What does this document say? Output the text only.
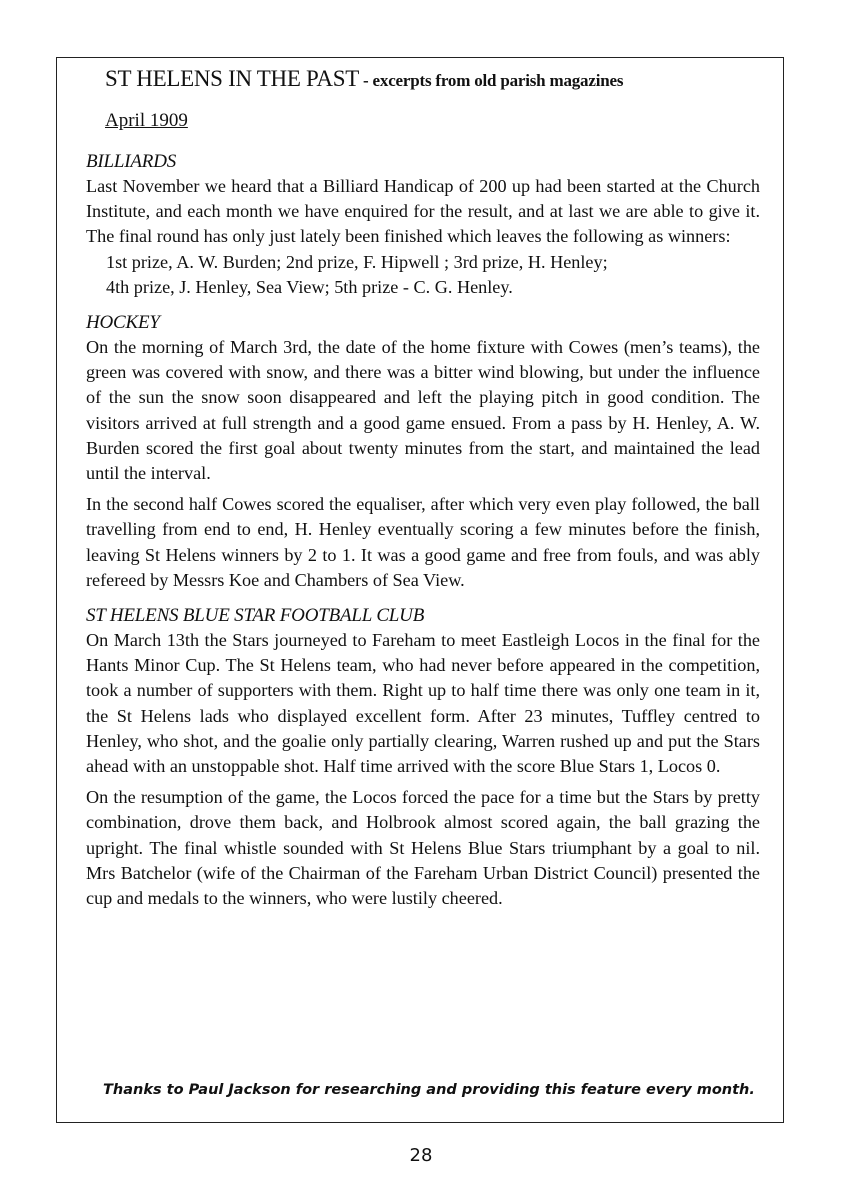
ST HELENS IN THE PAST - excerpts from old parish magazines
April 1909

BILLIARDS

Last November we heard that a Billiard Handicap of 200 up had been started at the Church Institute, and each month we have enquired for the result, and at last we are able to give it. The final round has only just lately been finished which leaves the following as winners:

1st prize, A. W. Burden; 2nd prize, F. Hipwell ; 3rd prize, H. Henley;

4th prize, J. Henley, Sea View; 5th prize - C. G. Henley.

HOCKEY

On the morning of March 3rd, the date of the home fixture with Cowes (men’s teams), the green was covered with snow, and there was a bitter wind blowing, but under the influence of the sun the snow soon disappeared and left the playing pitch in good condition. The visitors arrived at full strength and a good game ensued. From a pass by H. Henley, A. W. Burden scored the first goal about twenty minutes from the start, and maintained the lead until the interval.

In the second half Cowes scored the equaliser, after which very even play followed, the ball travelling from end to end, H. Henley eventually scoring a few minutes before the finish, leaving St Helens winners by 2 to 1. It was a good game and free from fouls, and was ably refereed by Messrs Koe and Chambers of Sea View.

ST HELENS BLUE STAR FOOTBALL CLUB

On March 13th the Stars journeyed to Fareham to meet Eastleigh Locos in the final for the Hants Minor Cup. The St Helens team, who had never before appeared in the competition, took a number of supporters with them. Right up to half time there was only one team in it, the St Helens lads who displayed excellent form. After 23 minutes, Tuffley centred to Henley, who shot, and the goalie only partially clearing, Warren rushed up and put the Stars ahead with an unstoppable shot. Half time arrived with the score Blue Stars 1, Locos 0.

On the resumption of the game, the Locos forced the pace for a time but the Stars by pretty combination, drove them back, and Holbrook almost scored again, the ball grazing the upright. The final whistle sounded with St Helens Blue Stars triumphant by a goal to nil. Mrs Batchelor (wife of the Chairman of the Fareham Urban District Council) presented the cup and medals to the winners, who were lustily cheered.

Thanks to Paul Jackson for researching and providing this feature every month.
28
